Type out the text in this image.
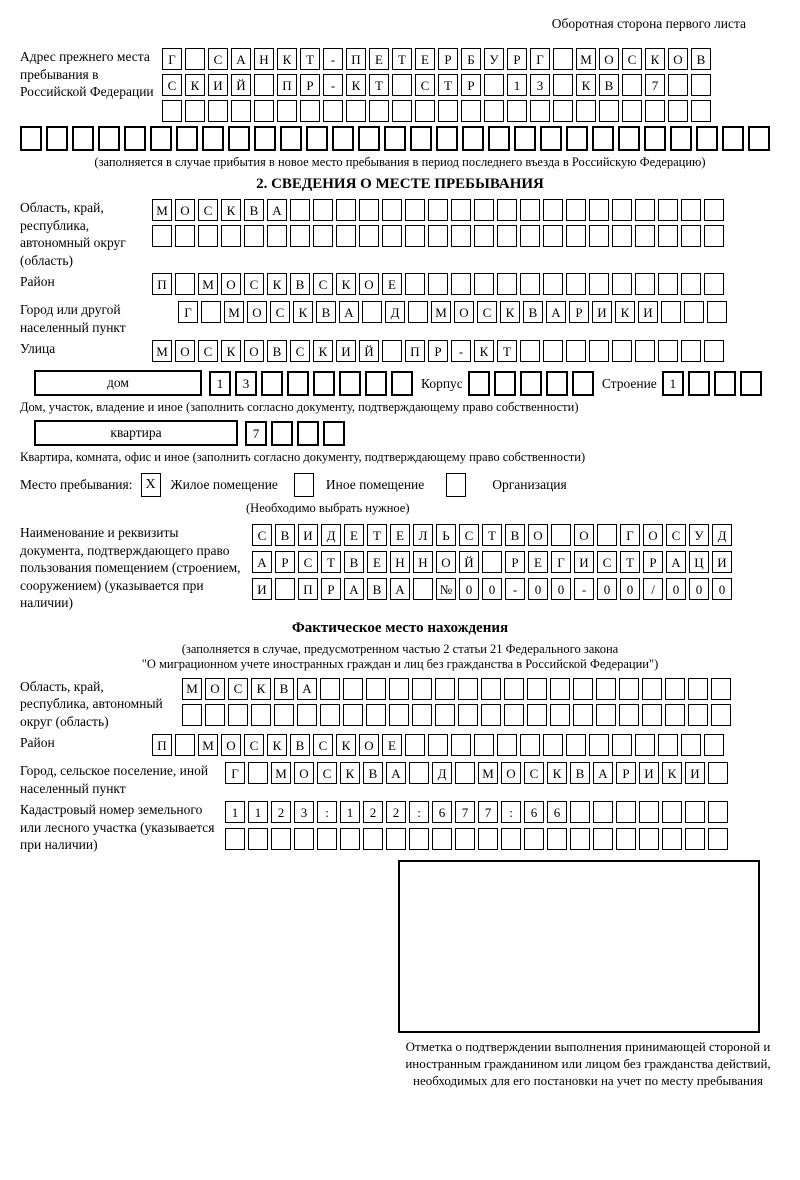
Оборотная сторона первого листа
Адрес прежнего места пребывания в Российской Федерации
Г	С	А	Н	К	Т	-	П	Е	Т	Е	Р	Б	У	Р	Г	М О	С	К	О	В
С	К	И	Й	П	Р	-	К	Т	С	Т	Р	1	3	К	В	7
(заполняется в случае прибытия в новое место пребывания в период последнего въезда в Российскую Федерацию)
2. СВЕДЕНИЯ О МЕСТЕ ПРЕБЫВАНИЯ
Область, край, республика, автономный округ (область)
М О	С	К	В	А
Район	П	М О	С	К	В	С	К	О	Е
Город или другой населенный пункт
Г	М О	С	К	В	А	Д	М О	С	К	В	А	Р	И	К	И
Улица	М О	С	К	О	В	С	К	И	Й	П	Р	-	К	Т
дом	1	3	Корпус	Строение 1
Дом, участок, владение и иное (заполнить согласно документу, подтверждающему право собственности)
квартира	7
Квартира, комната, офис и иное (заполнить согласно документу, подтверждающему право собственности)
Место пребывания: X	Жилое помещение	Иное помещение	Организация
(Необходимо выбрать нужное)
Наименование и реквизиты документа, подтверждающего право пользования помещением (строением, сооружением) (указывается при наличии)
С	В	И	Д	Е	Т	Е	Л	Ь	С	Т	В	О	О	Г	О	С	У	Д
А	Р	С	Т	В	Е	Н	Н	О	Й	Р	Е	Г	И	С	Т	Р	А	Ц	И
И	П	Р	А	В	А	№	0	0	-	0	0	-	0	0	/	0	0	0
Фактическое место нахождения
(заполняется в случае, предусмотренном частью 2 статьи 21 Федерального закона
"О миграционном учете иностранных граждан и лиц без гражданства в Российской Федерации")
Область, край, республика, автономный округ (область)
М О	С	К	В	А
Район	П	М О	С	К	В	С	К	О	Е
Город, сельское поселение, иной населенный пункт
Г	М О	С	К	В	А	Д	М О	С	К	В	А	Р	И	К	И
Кадастровый номер земельного или лесного участка (указывается при наличии)
1	1	2	3	:	1	2	2	:	6	7	7	:	6	6
Отметка о подтверждении выполнения принимающей стороной и иностранным гражданином или лицом без гражданства действий, необходимых для его постановки на учет по месту пребывания
